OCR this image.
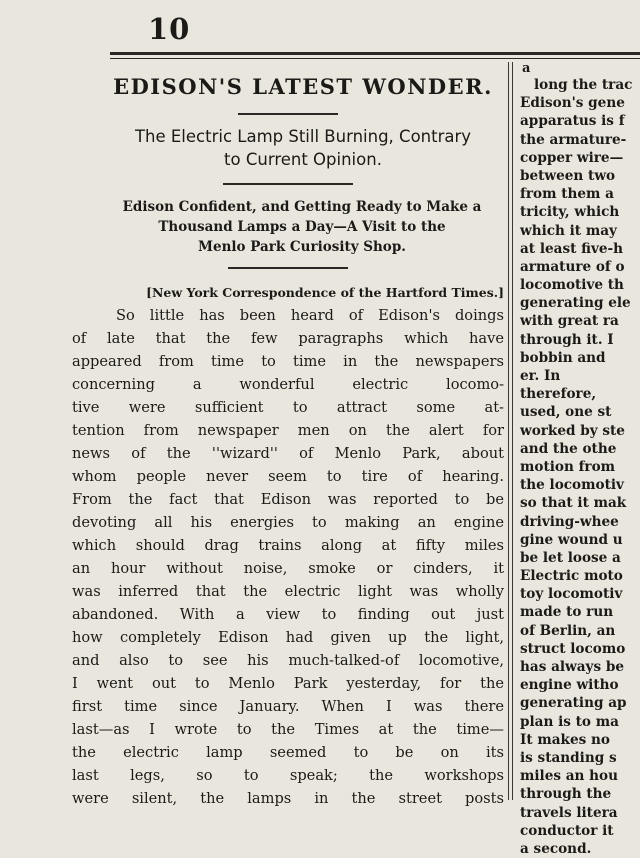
10
EDISON'S LATEST WONDER.
The Electric Lamp Still Burning, Contrary
to Current Opinion.
Edison Confident, and Getting Ready to Make a
Thousand Lamps a Day—A Visit to the
Menlo Park Curiosity Shop.
[New York Correspondence of the Hartford Times.]
So little has been heard of Edison's doings
of late that the few paragraphs which have
appeared from time to time in the newspapers
concerning a wonderful electric locomo-
tive were sufficient to attract some at-
tention from newspaper men on the alert for
news of the ''wizard'' of Menlo Park, about
whom people never seem to tire of hearing.
From the fact that Edison was reported to be
devoting all his energies to making an engine
which should drag trains along at fifty miles
an hour without noise, smoke or cinders, it
was inferred that the electric light was wholly
abandoned. With a view to finding out just
how completely Edison had given up the light,
and also to see his much-talked-of locomotive,
I went out to Menlo Park yesterday, for the
first time since January. When I was there
last—as I wrote to the Times at the time—
the electric lamp seemed to be on its
last legs, so to speak; the workshops
were silent, the lamps in the street posts
a
long the trac
Edison's gene
apparatus is f
the armature-
copper wire—
between two
from them a
tricity, which
which it may
at least five-h
armature of o
locomotive th
generating ele
with great ra
through it. I
bobbin and
er. In
therefore,
used, one st
worked by ste
and the othe
motion from
the locomotiv
so that it mak
driving-whee
gine wound u
be let loose a
Electric moto
toy locomotiv
made to run
of Berlin, an
struct locomo
has always be
engine witho
generating ap
plan is to ma
It makes no
is standing s
miles an hou
through the
travels litera
conductor it
a second.
